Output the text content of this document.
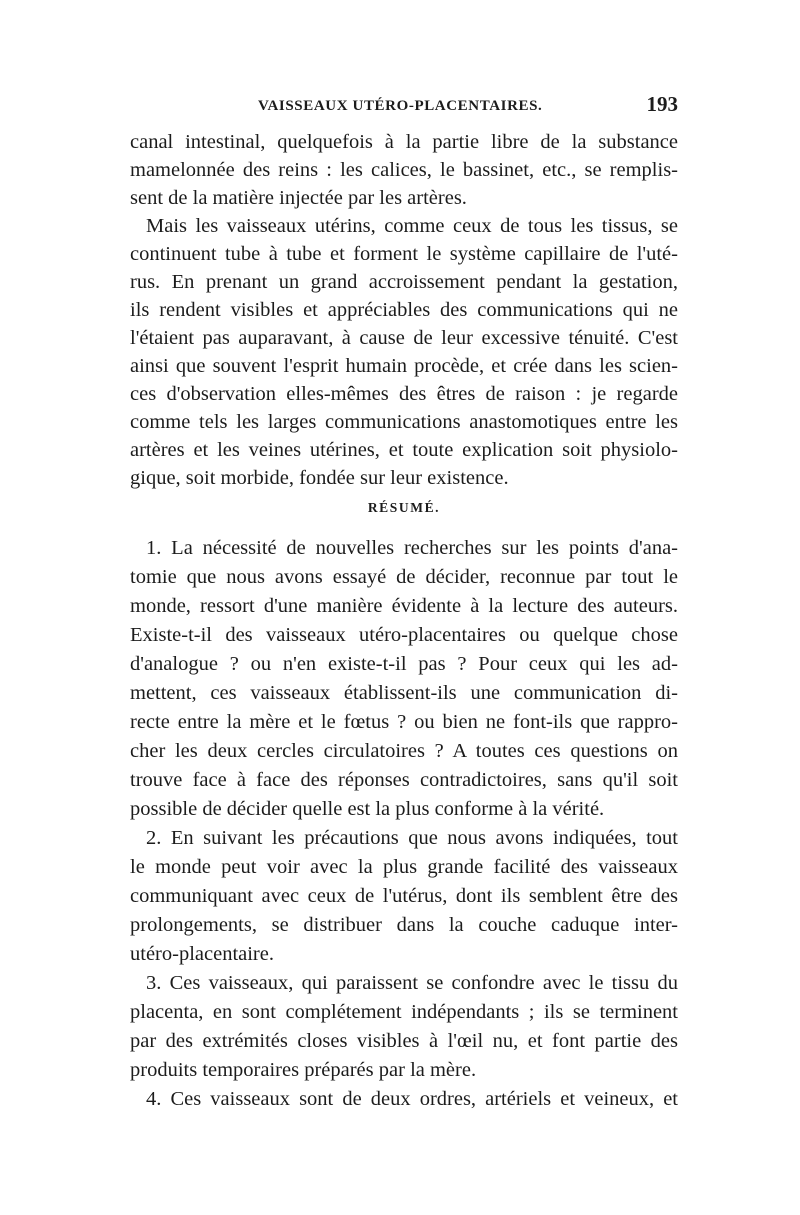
VAISSEAUX UTÉRO-PLACENTAIRES.	193
canal intestinal, quelquefois à la partie libre de la substance
mamelonnée des reins : les calices, le bassinet, etc., se remplis-
sent de la matière injectée par les artères.
Mais les vaisseaux utérins, comme ceux de tous les tissus, se
continuent tube à tube et forment le système capillaire de l'uté-
rus. En prenant un grand accroissement pendant la gestation,
ils rendent visibles et appréciables des communications qui ne
l'étaient pas auparavant, à cause de leur excessive ténuité. C'est
ainsi que souvent l'esprit humain procède, et crée dans les scien-
ces d'observation elles-mêmes des êtres de raison : je regarde
comme tels les larges communications anastomotiques entre les
artères et les veines utérines, et toute explication soit physiolo-
gique, soit morbide, fondée sur leur existence.
RÉSUMÉ.
1. La nécessité de nouvelles recherches sur les points d'ana-
tomie que nous avons essayé de décider, reconnue par tout le
monde, ressort d'une manière évidente à la lecture des auteurs.
Existe-t-il des vaisseaux utéro-placentaires ou quelque chose
d'analogue ? ou n'en existe-t-il pas ? Pour ceux qui les ad-
mettent, ces vaisseaux établissent-ils une communication di-
recte entre la mère et le fœtus ? ou bien ne font-ils que rappro-
cher les deux cercles circulatoires ? A toutes ces questions on
trouve face à face des réponses contradictoires, sans qu'il soit
possible de décider quelle est la plus conforme à la vérité.
2. En suivant les précautions que nous avons indiquées, tout
le monde peut voir avec la plus grande facilité des vaisseaux
communiquant avec ceux de l'utérus, dont ils semblent être des
prolongements, se distribuer dans la couche caduque inter-
utéro-placentaire.
3. Ces vaisseaux, qui paraissent se confondre avec le tissu du
placenta, en sont complétement indépendants ; ils se terminent
par des extrémités closes visibles à l'œil nu, et font partie des
produits temporaires préparés par la mère.
4. Ces vaisseaux sont de deux ordres, artériels et veineux, et
